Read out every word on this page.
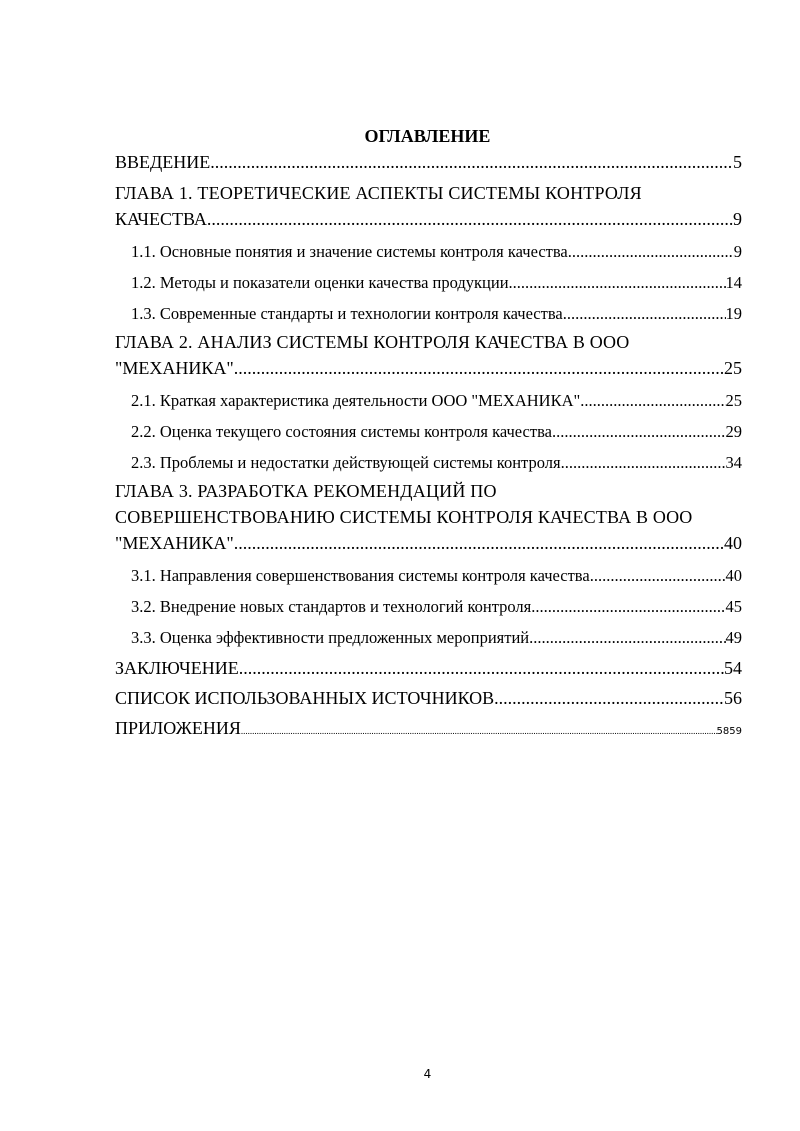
ОГЛАВЛЕНИЕ
ВВЕДЕНИЕ .....	5
ГЛАВА 1. ТЕОРЕТИЧЕСКИЕ АСПЕКТЫ СИСТЕМЫ КОНТРОЛЯ
КАЧЕСТВА .....	9
1.1. Основные понятия и значение системы контроля качества .....	9
1.2. Методы и показатели оценки качества продукции .....	14
1.3. Современные стандарты и технологии контроля качества .....	19
ГЛАВА 2. АНАЛИЗ СИСТЕМЫ КОНТРОЛЯ КАЧЕСТВА В ООО
"МЕХАНИКА" .....	25
2.1. Краткая характеристика деятельности ООО "МЕХАНИКА" .....	25
2.2. Оценка текущего состояния системы контроля качества .....	29
2.3. Проблемы и недостатки действующей системы контроля .....	34
ГЛАВА 3. РАЗРАБОТКА РЕКОМЕНДАЦИЙ ПО
СОВЕРШЕНСТВОВАНИЮ СИСТЕМЫ КОНТРОЛЯ КАЧЕСТВА В ООО
"МЕХАНИКА" .....	40
3.1. Направления совершенствования системы контроля качества .....	40
3.2. Внедрение новых стандартов и технологий контроля .....	45
3.3. Оценка эффективности предложенных мероприятий .....	49
ЗАКЛЮЧЕНИЕ .....	54
СПИСОК ИСПОЛЬЗОВАННЫХ ИСТОЧНИКОВ .....	56
ПРИЛОЖЕНИЯ .....	5859
4
